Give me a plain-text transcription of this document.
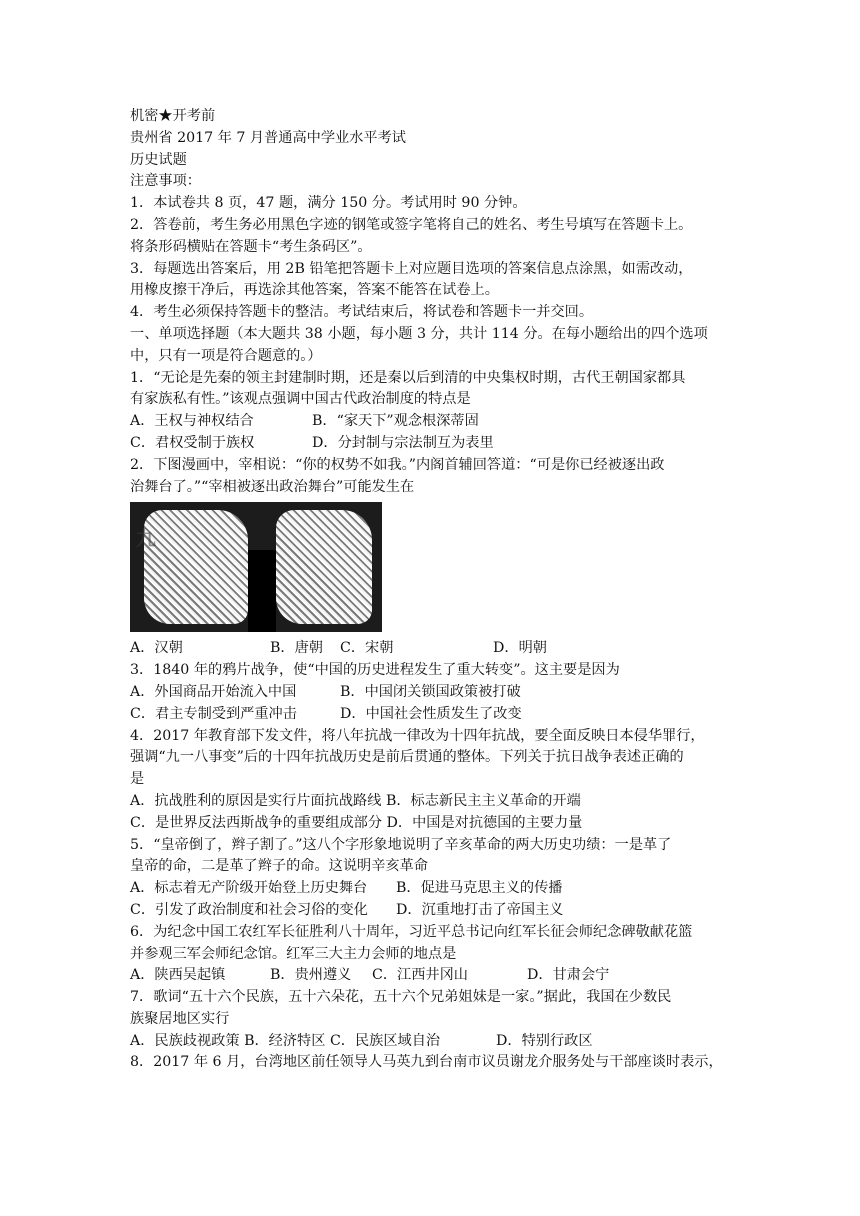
机密★开考前
贵州省 2017 年 7 月普通高中学业水平考试
历史试题
注意事项：
1．本试卷共 8 页，47 题，满分 150 分。考试用时 90 分钟。
2．答卷前，考生务必用黑色字迹的钢笔或签字笔将自己的姓名、考生号填写在答题卡上。
将条形码横贴在答题卡“考生条码区”。
3．每题选出答案后，用 2B 铅笔把答题卡上对应题目选项的答案信息点涂黑，如需改动，
用橡皮擦干净后，再选涂其他答案，答案不能答在试卷上。
4．考生必须保持答题卡的整洁。考试结束后，将试卷和答题卡一并交回。
一、单项选择题（本大题共 38 小题，每小题 3 分，共计 114 分。在每小题给出的四个选项
中，只有一项是符合题意的。）
1．“无论是先秦的领主封建制时期，还是秦以后到清的中央集权时期，古代王朝国家都具
有家族私有性。”该观点强调中国古代政治制度的特点是
A．王权与神权结合	B．“家天下”观念根深蒂固
C．君权受制于族权	D．分封制与宗法制互为表里
2．下图漫画中，宰相说：“你的权势不如我。”内阁首辅回答道：“可是你已经被逐出政
治舞台了。”“宰相被逐出政治舞台”可能发生在
九
A．汉朝	B．唐朝	C．宋朝	D．明朝
3．1840 年的鸦片战争，使“中国的历史进程发生了重大转变”。这主要是因为
A．外国商品开始流入中国	B．中国闭关锁国政策被打破
C．君主专制受到严重冲击	D．中国社会性质发生了改变
4．2017 年教育部下发文件，将八年抗战一律改为十四年抗战，要全面反映日本侵华罪行，
强调“九一八事变”后的十四年抗战历史是前后贯通的整体。下列关于抗日战争表述正确的
是
A．抗战胜利的原因是实行片面抗战路线 B．标志新民主主义革命的开端
C．是世界反法西斯战争的重要组成部分 D．中国是对抗德国的主要力量
5．“皇帝倒了，辫子割了。”这八个字形象地说明了辛亥革命的两大历史功绩：一是革了
皇帝的命，二是革了辫子的命。这说明辛亥革命
A．标志着无产阶级开始登上历史舞台	B．促进马克思主义的传播
C．引发了政治制度和社会习俗的变化	D．沉重地打击了帝国主义
6．为纪念中国工农红军长征胜利八十周年，习近平总书记向红军长征会师纪念碑敬献花篮
并参观三军会师纪念馆。红军三大主力会师的地点是
A．陕西吴起镇	B．贵州遵义	C．江西井冈山	D．甘肃会宁
7．歌词“五十六个民族，五十六朵花，五十六个兄弟姐妹是一家。”据此，我国在少数民
族聚居地区实行
A．民族歧视政策 B．经济特区 C．民族区域自治	D．特别行政区
8．2017 年 6 月，台湾地区前任领导人马英九到台南市议员谢龙介服务处与干部座谈时表示，
